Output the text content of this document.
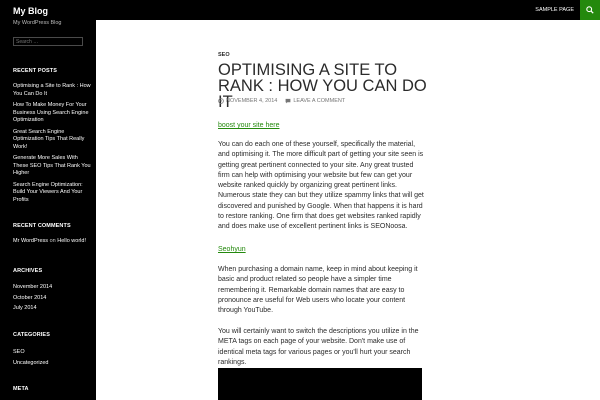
My Blog	SAMPLE PAGE
My WordPress Blog
Search …
RECENT POSTS
Optimising a Site to Rank : How You Can Do It
How To Make Money For Your Business Using Search Engine Optimization
Great Search Engine Optimization Tips That Really Work!
Generate More Sales With These SEO Tips That Rank You Higher
Search Engine Optimization: Build Your Viewers And Your Profits
RECENT COMMENTS
Mr WordPress on Hello world!
ARCHIVES
November 2014
October 2014
July 2014
CATEGORIES
SEO
Uncategorized
META
SEO
OPTIMISING A SITE TO RANK : HOW YOU CAN DO IT
NOVEMBER 4, 2014	LEAVE A COMMENT
boost your site here
You can do each one of these yourself, specifically the material, and optimising it. The more difficult part of getting your site seen is getting great pertinent connected to your site. Any great trusted firm can help with optimising your website but few can get your website ranked quickly by organizing great pertinent links. Numerous state they can but they utilize spammy links that will get discovered and punished by Google. When that happens it is hard to restore ranking. One firm that does get websites ranked rapidly and does make use of excellent pertinent links is SEONoosa.
Seohyun
When purchasing a domain name, keep in mind about keeping it basic and product related so people have a simpler time remembering it. Remarkable domain names that are easy to pronounce are useful for Web users who locate your content through YouTube.
You will certainly want to switch the descriptions you utilize in the META tags on each page of your website. Don't make use of identical meta tags for various pages or you'll hurt your search rankings.
